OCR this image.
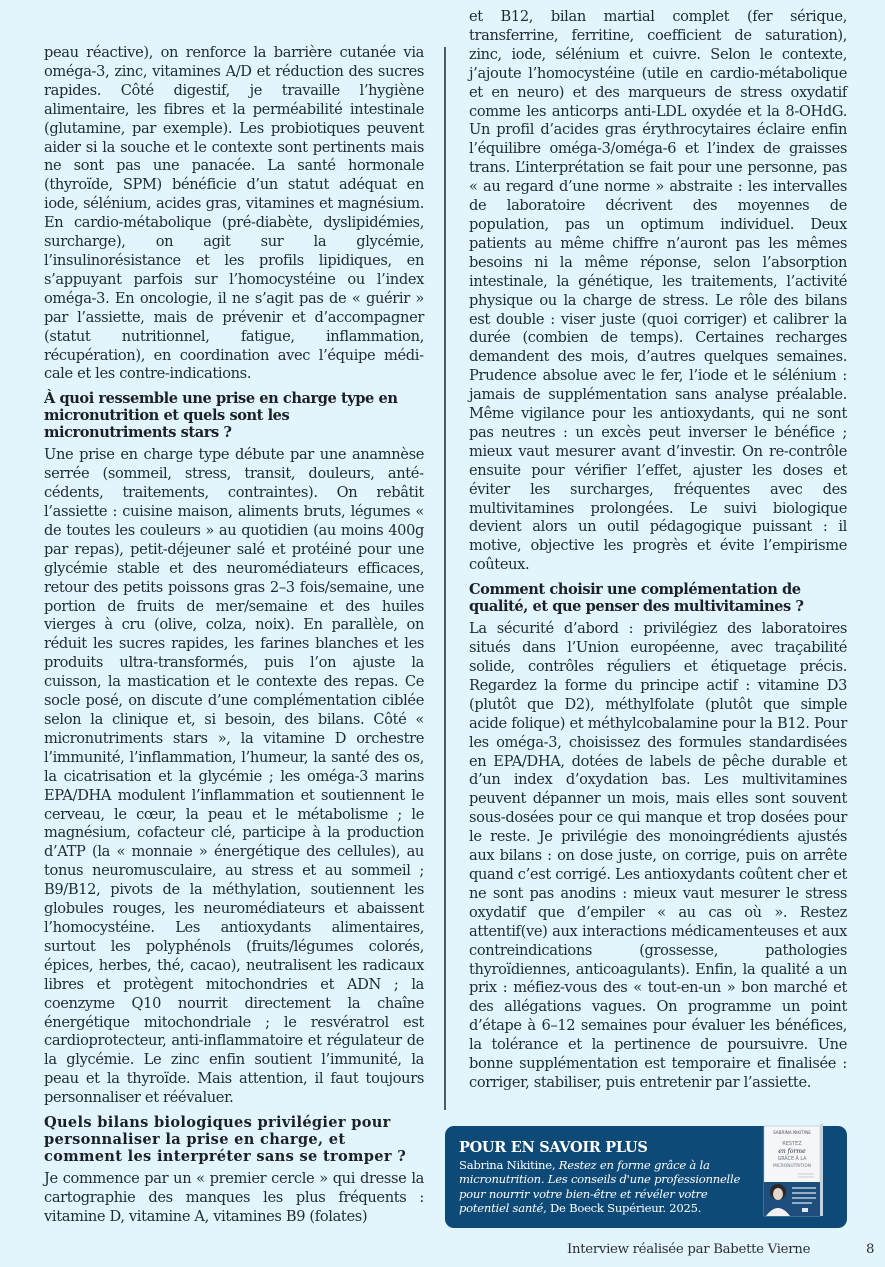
peau réactive), on renforce la barrière cutanée via oméga-3, zinc, vitamines A/D et réduction des sucres rapides. Côté digestif, je travaille l’hygiène alimentaire, les fibres et la perméabilité intestinale (glutamine, par exemple). Les probiotiques peuvent aider si la souche et le contexte sont pertinents mais ne sont pas une panacée. La santé hormonale (thyroïde, SPM) bénéficie d’un statut adéquat en iode, sélénium, acides gras, vitamines et magnésium. En cardio-métabolique (pré-diabète, dyslipidémies, surcharge), on agit sur la glycémie, l’insulinorésistance et les profils lipidiques, en s’appuyant parfois sur l’homocystéine ou l’index oméga-3. En oncologie, il ne s’agit pas de « guérir » par l’assiette, mais de prévenir et d’accompagner (statut nutritionnel, fatigue, inflammation, récupération), en coordination avec l’équipe médicale et les contre-indications.

À quoi ressemble une prise en charge type en micronutrition et quels sont les micronutriments stars ?

Une prise en charge type débute par une anamnèse serrée (sommeil, stress, transit, douleurs, antécédents, traitements, contraintes). On rebâtit l’assiette : cuisine maison, aliments bruts, légumes « de toutes les couleurs » au quotidien (au moins 400g par repas), petit-déjeuner salé et protéiné pour une glycémie stable et des neuromédiateurs efficaces, retour des petits poissons gras 2–3 fois/semaine, une portion de fruits de mer/semaine et des huiles vierges à cru (olive, colza, noix). En parallèle, on réduit les sucres rapides, les farines blanches et les produits ultra-transformés, puis l’on ajuste la cuisson, la mastication et le contexte des repas. Ce socle posé, on discute d’une complémentation ciblée selon la clinique et, si besoin, des bilans. Côté « micronutriments stars », la vitamine D orchestre l’immunité, l’inflammation, l’humeur, la santé des os, la cicatrisation et la glycémie ; les oméga-3 marins EPA/DHA modulent l’inflammation et soutiennent le cerveau, le cœur, la peau et le métabolisme ; le magnésium, cofacteur clé, participe à la production d’ATP (la « monnaie » énergétique des cellules), au tonus neuromusculaire, au stress et au sommeil ; B9/B12, pivots de la méthylation, soutiennent les globules rouges, les neuromédiateurs et abaissent l’homocystéine. Les antioxydants alimentaires, surtout les polyphénols (fruits/légumes colorés, épices, herbes, thé, cacao), neutralisent les radicaux libres et protègent mitochondries et ADN ; la coenzyme Q10 nourrit directement la chaîne énergétique mitochondriale ; le resvératrol est cardioprotecteur, anti-inflammatoire et régulateur de la glycémie. Le zinc enfin soutient l’immunité, la peau et la thyroïde. Mais attention, il faut toujours personnaliser et réévaluer.

Quels bilans biologiques privilégier pour personnaliser la prise en charge, et comment les interpréter sans se tromper ?

Je commence par un « premier cercle » qui dresse la cartographie des manques les plus fréquents : vitamine D, vitamine A, vitamines B9 (folates)

et B12, bilan martial complet (fer sérique, transferrine, ferritine, coefficient de saturation), zinc, iode, sélénium et cuivre. Selon le contexte, j’ajoute l’homocystéine (utile en cardio-métabolique et en neuro) et des marqueurs de stress oxydatif comme les anticorps anti-LDL oxydée et la 8-OHdG. Un profil d’acides gras érythrocytaires éclaire enfin l’équilibre oméga-3/oméga-6 et l’index de graisses trans. L’interprétation se fait pour une personne, pas « au regard d’une norme » abstraite : les intervalles de laboratoire décrivent des moyennes de population, pas un optimum individuel. Deux patients au même chiffre n’auront pas les mêmes besoins ni la même réponse, selon l’absorption intestinale, la génétique, les traitements, l’activité physique ou la charge de stress. Le rôle des bilans est double : viser juste (quoi corriger) et calibrer la durée (combien de temps). Certaines recharges demandent des mois, d’autres quelques semaines. Prudence absolue avec le fer, l’iode et le sélénium : jamais de supplémentation sans analyse préalable. Même vigilance pour les antioxydants, qui ne sont pas neutres : un excès peut inverser le bénéfice ; mieux vaut mesurer avant d’investir. On re-contrôle ensuite pour vérifier l’effet, ajuster les doses et éviter les surcharges, fréquentes avec des multivitamines prolongées. Le suivi biologique devient alors un outil pédagogique puissant : il motive, objective les progrès et évite l’empirisme coûteux.

Comment choisir une complémentation de qualité, et que penser des multivitamines ?

La sécurité d’abord : privilégiez des laboratoires situés dans l’Union européenne, avec traçabilité solide, contrôles réguliers et étiquetage précis. Regardez la forme du principe actif : vitamine D3 (plutôt que D2), méthylfolate (plutôt que simple acide folique) et méthylcobalamine pour la B12. Pour les oméga-3, choisissez des formules standardisées en EPA/DHA, dotées de labels de pêche durable et d’un index d’oxydation bas. Les multivitamines peuvent dépanner un mois, mais elles sont souvent sous-dosées pour ce qui manque et trop dosées pour le reste. Je privilégie des monoingrédients ajustés aux bilans : on dose juste, on corrige, puis on arrête quand c’est corrigé. Les antioxydants coûtent cher et ne sont pas anodins : mieux vaut mesurer le stress oxydatif que d’empiler « au cas où ». Restez attentif(ve) aux interactions médicamenteuses et aux contreindications (grossesse, pathologies thyroïdiennes, anticoagulants). Enfin, la qualité a un prix : méfiez-vous des « tout-en-un » bon marché et des allégations vagues. On programme un point d’étape à 6–12 semaines pour évaluer les bénéfices, la tolérance et la pertinence de poursuivre. Une bonne supplémentation est temporaire et finalisée : corriger, stabiliser, puis entretenir par l’assiette.

POUR EN SAVOIR PLUS
Sabrina Nikitine, Restez en forme grâce à la micronutrition. Les conseils d'une professionnelle pour nourrir votre bien-être et révéler votre potentiel santé, De Boeck Supérieur. 2025.
SABRINA NIKITINE
RESTEZ
en forme
GRÂCE À LA
MICRONUTRITION
Interview réalisée par Babette Vierne	8
